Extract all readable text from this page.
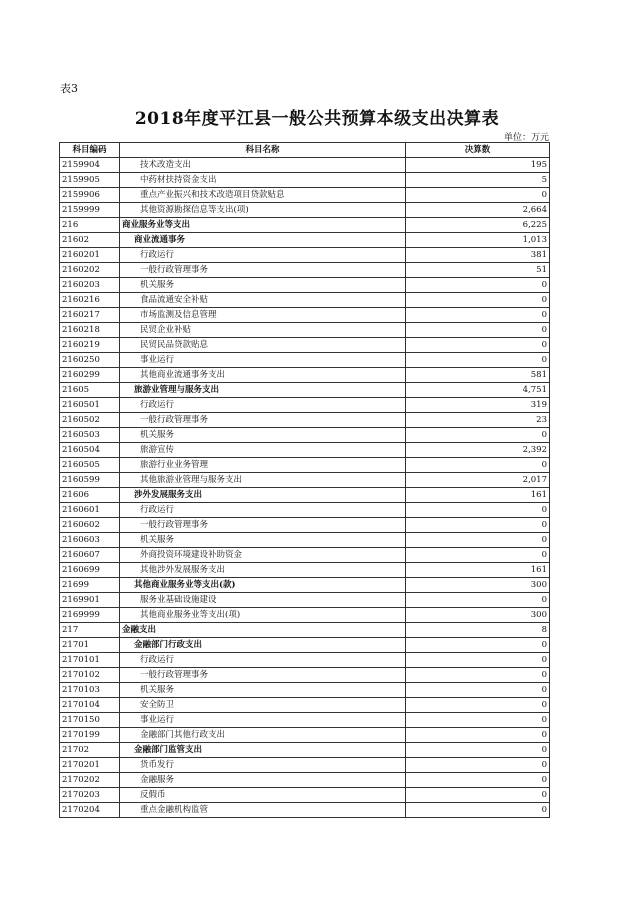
表3
2018年度平江县一般公共预算本级支出决算表
单位：万元
科目编码	科目名称	决算数
2159904	技术改造支出	195
2159905	中药材扶持资金支出	5
2159906	重点产业振兴和技术改造项目贷款贴息	0
2159999	其他资源勘探信息等支出(项)	2,664
216	商业服务业等支出	6,225
21602	商业流通事务	1,013
2160201	行政运行	381
2160202	一般行政管理事务	51
2160203	机关服务	0
2160216	食品流通安全补贴	0
2160217	市场监测及信息管理	0
2160218	民贸企业补贴	0
2160219	民贸民品贷款贴息	0
2160250	事业运行	0
2160299	其他商业流通事务支出	581
21605	旅游业管理与服务支出	4,751
2160501	行政运行	319
2160502	一般行政管理事务	23
2160503	机关服务	0
2160504	旅游宣传	2,392
2160505	旅游行业业务管理	0
2160599	其他旅游业管理与服务支出	2,017
21606	涉外发展服务支出	161
2160601	行政运行	0
2160602	一般行政管理事务	0
2160603	机关服务	0
2160607	外商投资环境建设补助资金	0
2160699	其他涉外发展服务支出	161
21699	其他商业服务业等支出(款)	300
2169901	服务业基础设施建设	0
2169999	其他商业服务业等支出(项)	300
217	金融支出	8
21701	金融部门行政支出	0
2170101	行政运行	0
2170102	一般行政管理事务	0
2170103	机关服务	0
2170104	安全防卫	0
2170150	事业运行	0
2170199	金融部门其他行政支出	0
21702	金融部门监管支出	0
2170201	货币发行	0
2170202	金融服务	0
2170203	反假币	0
2170204	重点金融机构监管	0
